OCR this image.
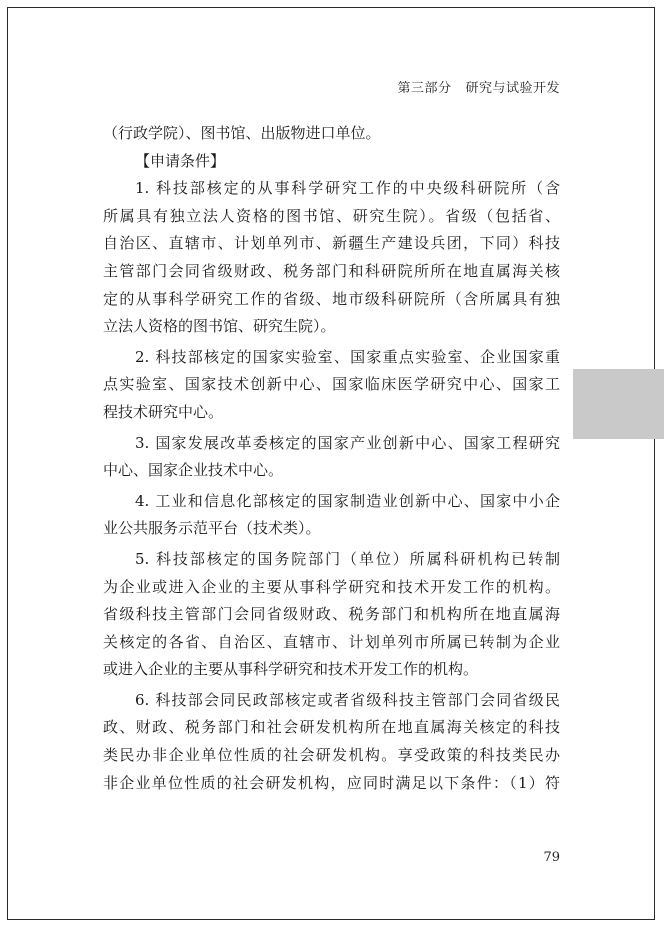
第三部分 研究与试验开发
（行政学院）、图书馆、出版物进口单位。
【申请条件】
1. 科技部核定的从事科学研究工作的中央级科研院所（含
所属具有独立法人资格的图书馆、研究生院）。省级（包括省、
自治区、直辖市、计划单列市、新疆生产建设兵团，下同）科技
主管部门会同省级财政、税务部门和科研院所所在地直属海关核
定的从事科学研究工作的省级、地市级科研院所（含所属具有独
立法人资格的图书馆、研究生院）。
2. 科技部核定的国家实验室、国家重点实验室、企业国家重
点实验室、国家技术创新中心、国家临床医学研究中心、国家工
程技术研究中心。
3. 国家发展改革委核定的国家产业创新中心、国家工程研究
中心、国家企业技术中心。
4. 工业和信息化部核定的国家制造业创新中心、国家中小企
业公共服务示范平台（技术类）。
5. 科技部核定的国务院部门（单位）所属科研机构已转制
为企业或进入企业的主要从事科学研究和技术开发工作的机构。
省级科技主管部门会同省级财政、税务部门和机构所在地直属海
关核定的各省、自治区、直辖市、计划单列市所属已转制为企业
或进入企业的主要从事科学研究和技术开发工作的机构。
6. 科技部会同民政部核定或者省级科技主管部门会同省级民
政、财政、税务部门和社会研发机构所在地直属海关核定的科技
类民办非企业单位性质的社会研发机构。享受政策的科技类民办
非企业单位性质的社会研发机构，应同时满足以下条件：（1）符
79
